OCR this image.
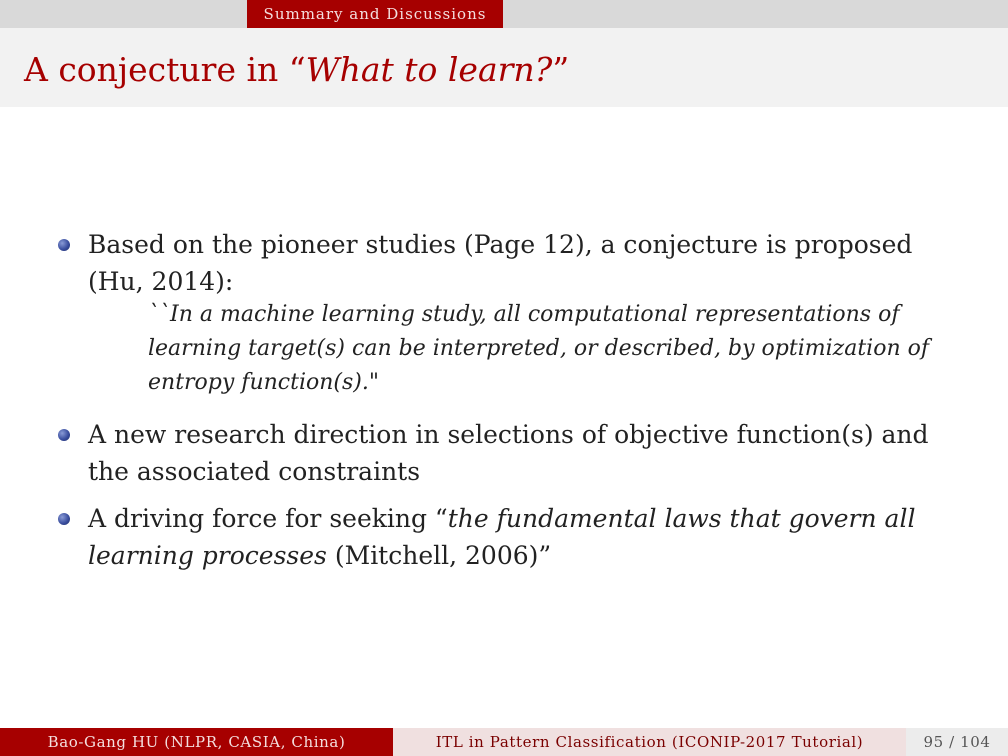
Summary and Discussions
A conjecture in “What to learn?”
Based on the pioneer studies (Page 12), a conjecture is proposed (Hu, 2014):
``In a machine learning study, all computational representations of learning target(s) can be interpreted, or described, by optimization of entropy function(s)."
A new research direction in selections of objective function(s) and the associated constraints
A driving force for seeking “the fundamental laws that govern all learning processes (Mitchell, 2006)”
Bao-Gang HU (NLPR, CASIA, China)	ITL in Pattern Classification (ICONIP-2017 Tutorial)	95 / 104
